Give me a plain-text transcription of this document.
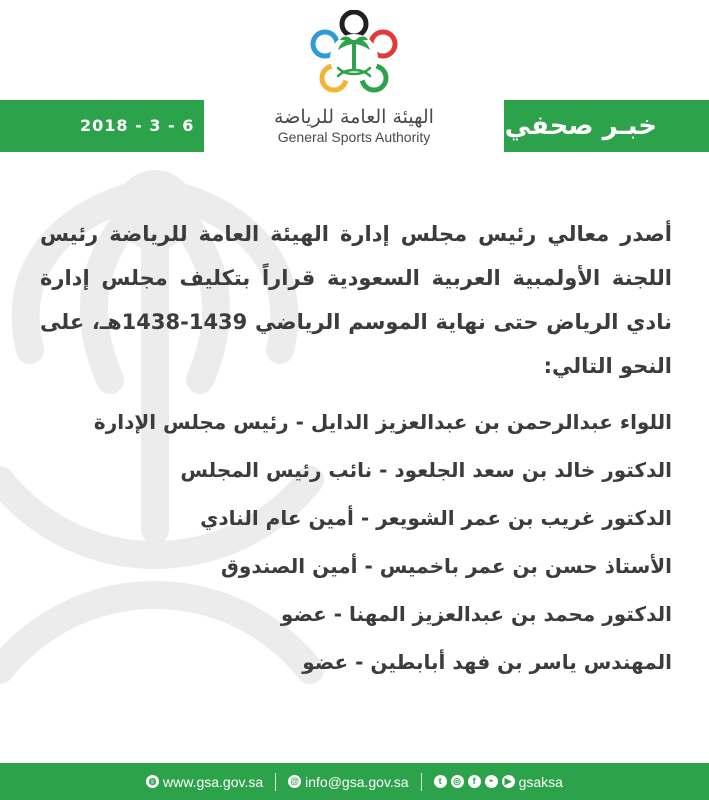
الهيئة العامة للرياضة
General Sports Authority	خبـر صحفي
2018 - 3 - 6

أصدر معالي رئيس مجلس إدارة الهيئة العامة للرياضة رئيس اللجنة الأولمبية العربية السعودية قراراً بتكليف مجلس إدارة نادي الرياض حتى نهاية الموسم الرياضي 1439-1438هـ، على النحو التالي:

اللواء عبدالرحمن بن عبدالعزيز الدايل - رئيس مجلس الإدارة
الدكتور خالد بن سعد الجلعود - نائب رئيس المجلس
الدكتور غريب بن عمر الشويعر - أمين عام النادي
الأستاذ حسن بن عمر باخميس - أمين الصندوق
الدكتور محمد بن عبدالعزيز المهنا - عضو
المهندس ياسر بن فهد أبابطين - عضو
◍ www.gsa.gov.sa	@ info@gsa.gov.sa	t	◎	f	◓	▶ gsaksa
